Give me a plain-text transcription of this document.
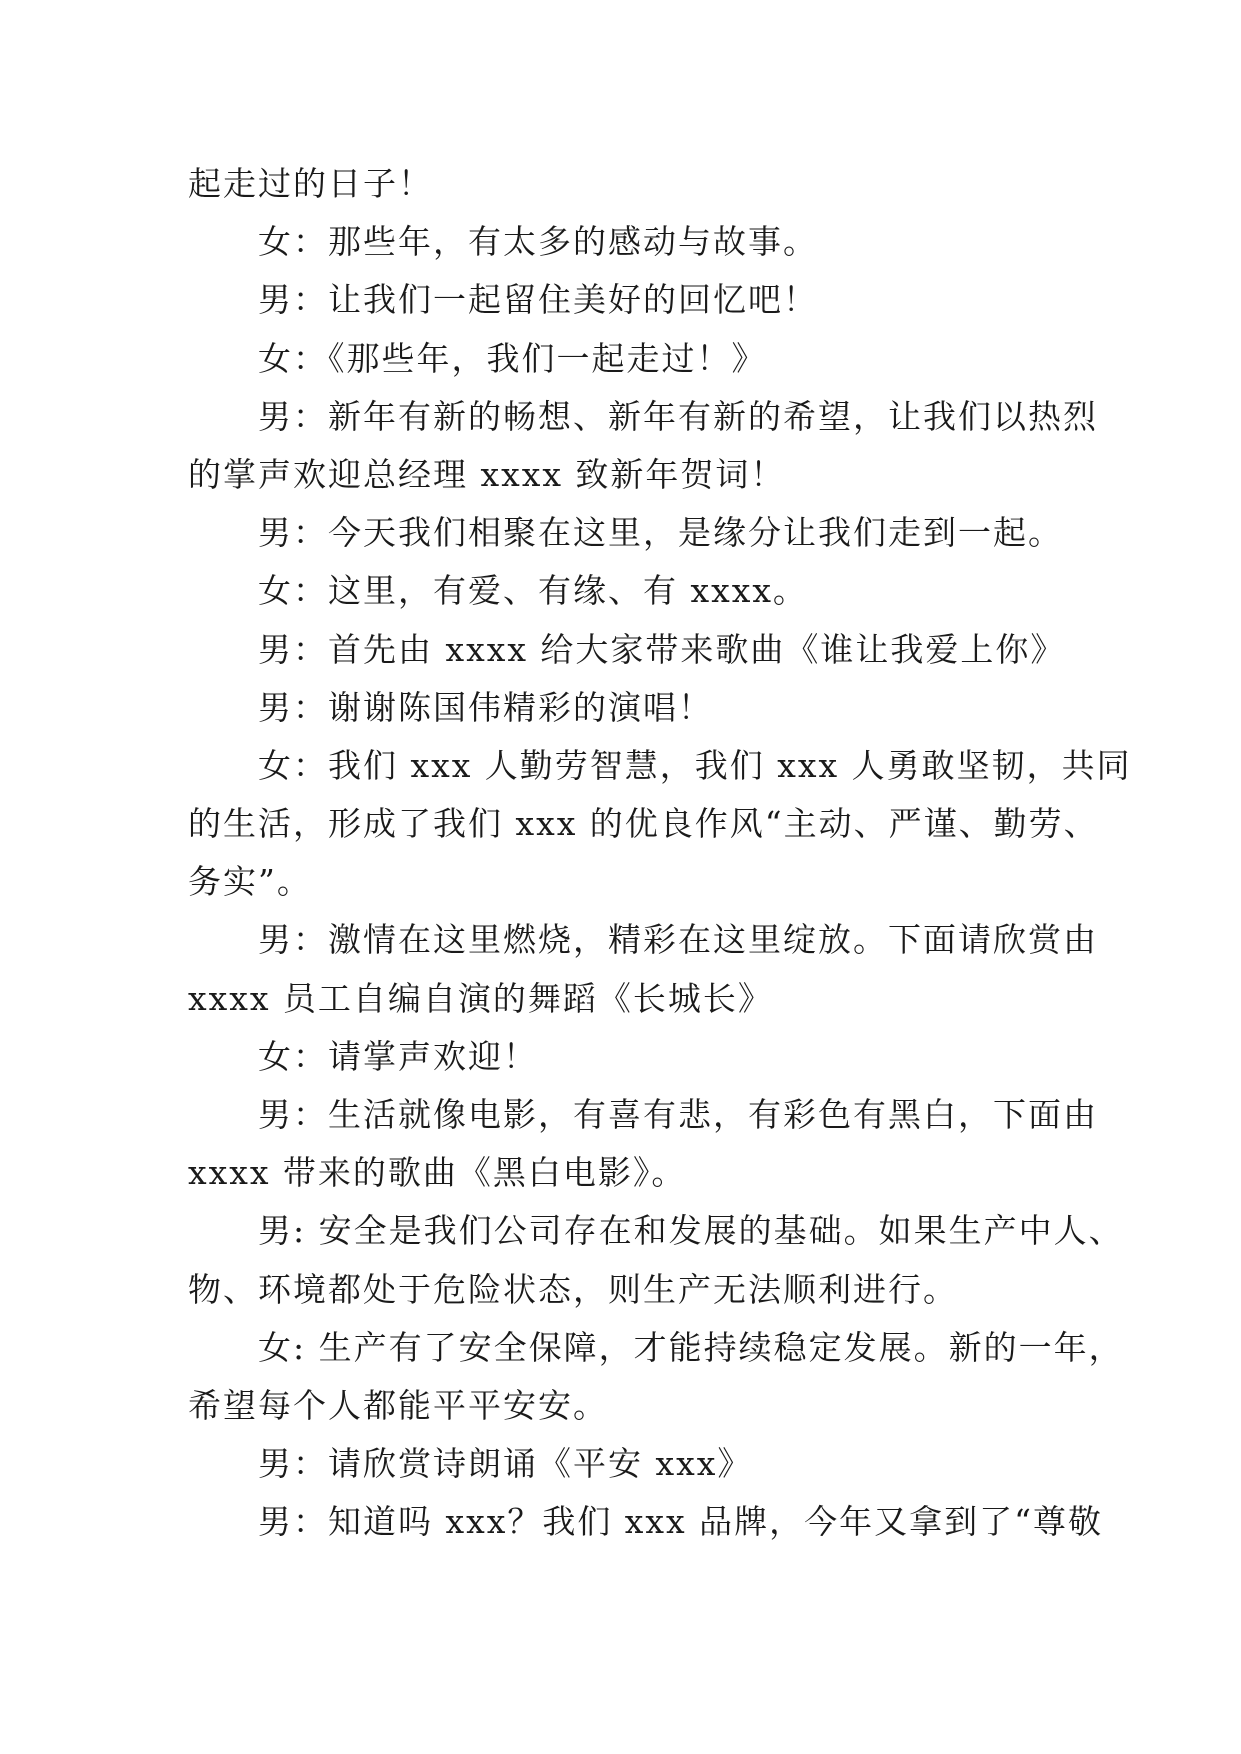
起走过的日子！
女：那些年，有太多的感动与故事。
男：让我们一起留住美好的回忆吧！
女：《那些年，我们一起走过！》
男：新年有新的畅想、新年有新的希望，让我们以热烈
的掌声欢迎总经理 xxxx 致新年贺词！
男：今天我们相聚在这里，是缘分让我们走到一起。
女：这里，有爱、有缘、有 xxxx。
男：首先由 xxxx 给大家带来歌曲《谁让我爱上你》
男：谢谢陈国伟精彩的演唱！
女：我们 xxx 人勤劳智慧，我们 xxx 人勇敢坚韧，共同
的生活，形成了我们 xxx 的优良作风“主动、严谨、勤劳、
务实”。
男：激情在这里燃烧，精彩在这里绽放。下面请欣赏由
xxxx 员工自编自演的舞蹈《长城长》
女：请掌声欢迎！
男：生活就像电影，有喜有悲，有彩色有黑白，下面由
xxxx 带来的歌曲《黑白电影》。
男: 安全是我们公司存在和发展的基础。如果生产中人、
物、环境都处于危险状态，则生产无法顺利进行。
女: 生产有了安全保障，才能持续稳定发展。新的一年，
希望每个人都能平平安安。
男：请欣赏诗朗诵《平安 xxx》
男：知道吗 xxx？我们 xxx 品牌，今年又拿到了“尊敬
